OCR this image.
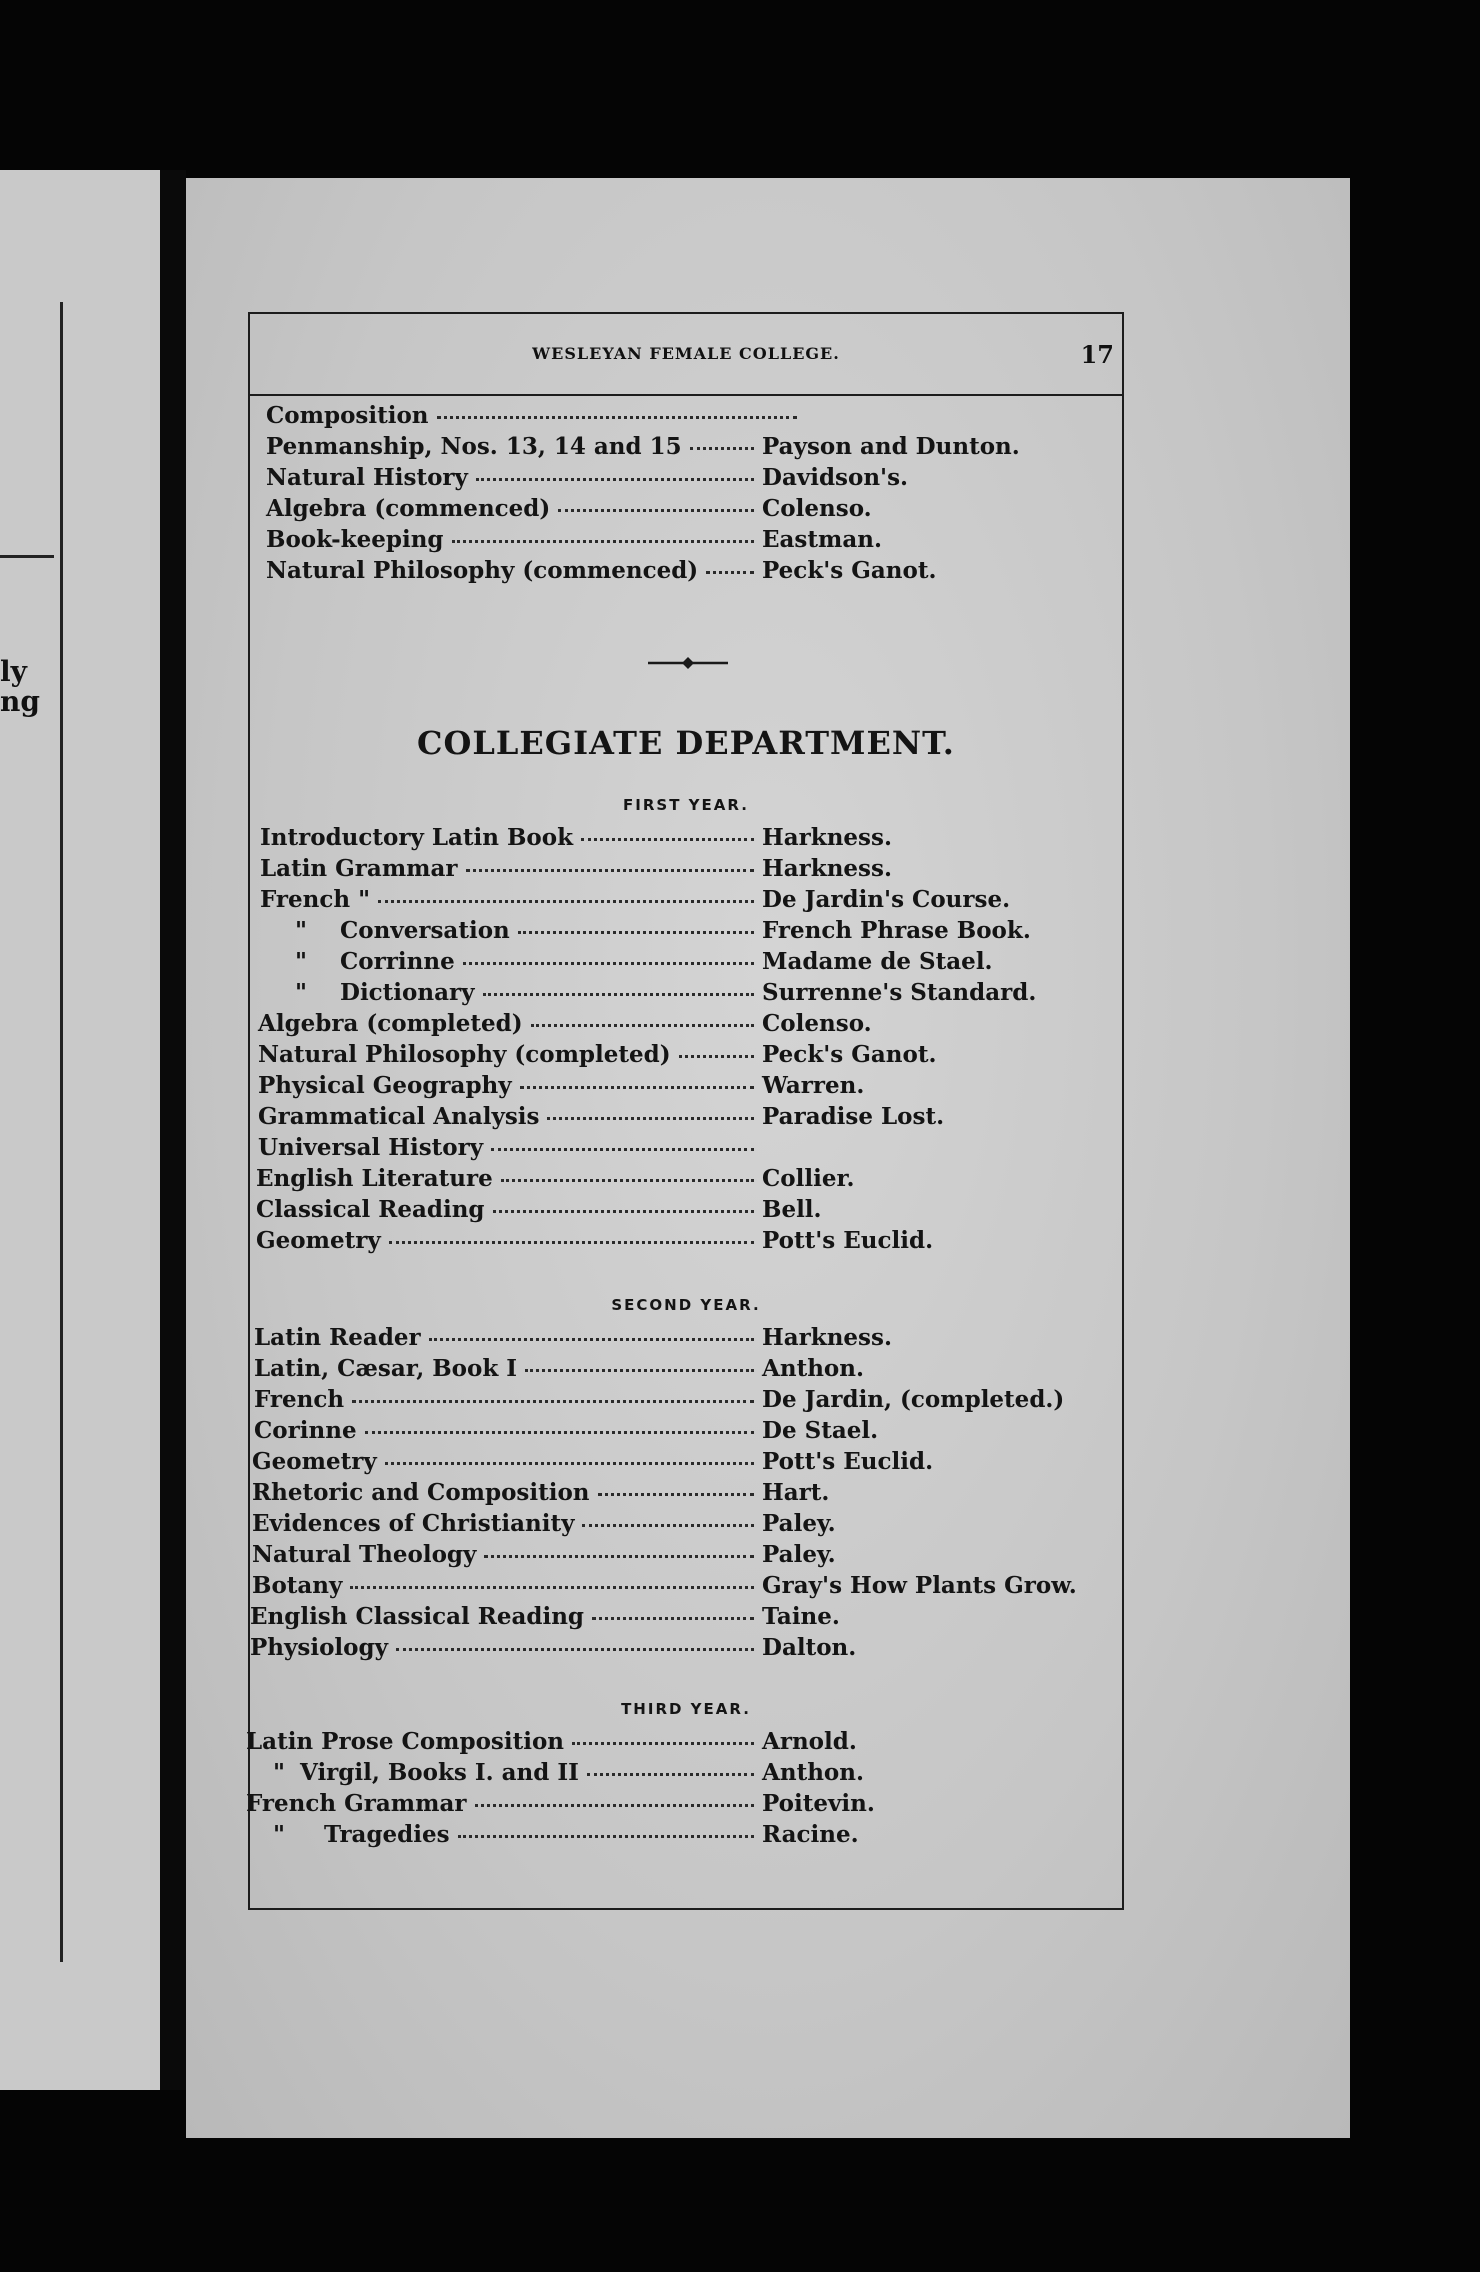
ly
ng
WESLEYAN FEMALE COLLEGE.	17
Composition
Penmanship, Nos. 13, 14 and 15	Payson and Dunton.
Natural History	Davidson's.
Algebra (commenced)	Colenso.
Book-keeping	Eastman.
Natural Philosophy (commenced)	Peck's Ganot.
COLLEGIATE DEPARTMENT.
FIRST YEAR.
Introductory Latin Book	Harkness.
Latin Grammar	Harkness.
French "	De Jardin's Course.
"	Conversation	French Phrase Book.
"	Corrinne	Madame de Stael.
"	Dictionary	Surrenne's Standard.
Algebra (completed)	Colenso.
Natural Philosophy (completed)	Peck's Ganot.
Physical Geography	Warren.
Grammatical Analysis	Paradise Lost.
Universal History
English Literature	Collier.
Classical Reading	Bell.
Geometry	Pott's Euclid.
SECOND YEAR.
Latin Reader	Harkness.
Latin, Cæsar, Book I	Anthon.
French	De Jardin, (completed.)
Corinne	De Stael.
Geometry	Pott's Euclid.
Rhetoric and Composition	Hart.
Evidences of Christianity	Paley.
Natural Theology	Paley.
Botany	Gray's How Plants Grow.
English Classical Reading	Taine.
Physiology	Dalton.
THIRD YEAR.
Latin Prose Composition	Arnold.
" Virgil, Books I. and II	Anthon.
French Grammar	Poitevin.
"	Tragedies	Racine.
